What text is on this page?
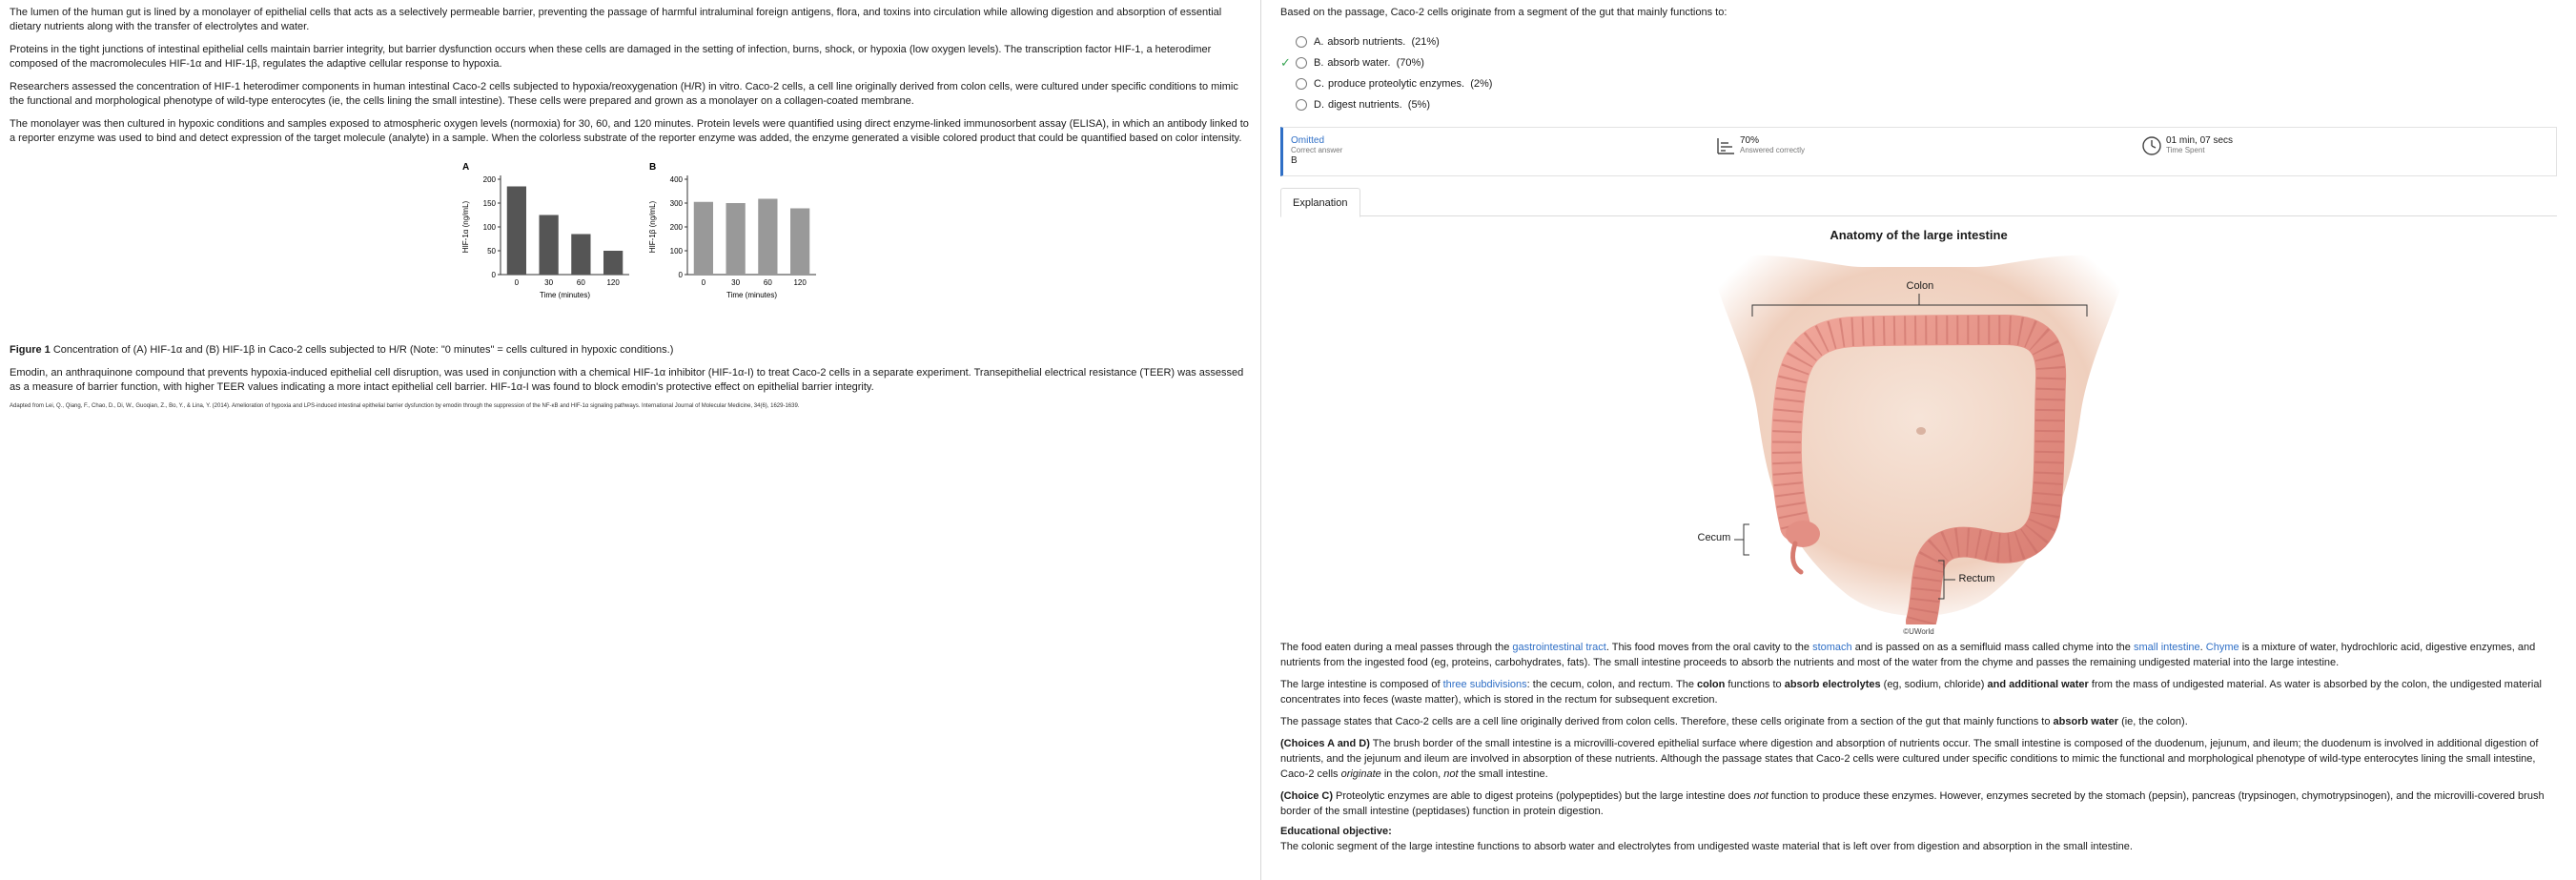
The lumen of the human gut is lined by a monolayer of epithelial cells that acts as a selectively permeable barrier, preventing the passage of harmful intraluminal foreign antigens, flora, and toxins into circulation while allowing digestion and absorption of essential dietary nutrients along with the transfer of electrolytes and water.

Proteins in the tight junctions of intestinal epithelial cells maintain barrier integrity, but barrier dysfunction occurs when these cells are damaged in the setting of infection, burns, shock, or hypoxia (low oxygen levels). The transcription factor HIF-1, a heterodimer composed of the macromolecules HIF-1α and HIF-1β, regulates the adaptive cellular response to hypoxia.

Researchers assessed the concentration of HIF-1 heterodimer components in human intestinal Caco-2 cells subjected to hypoxia/reoxygenation (H/R) in vitro. Caco-2 cells, a cell line originally derived from colon cells, were cultured under specific conditions to mimic the functional and morphological phenotype of wild-type enterocytes (ie, the cells lining the small intestine). These cells were prepared and grown as a monolayer on a collagen-coated membrane.

The monolayer was then cultured in hypoxic conditions and samples exposed to atmospheric oxygen levels (normoxia) for 30, 60, and 120 minutes. Protein levels were quantified using direct enzyme-linked immunosorbent assay (ELISA), in which an antibody linked to a reporter enzyme was used to bind and detect expression of the target molecule (analyte) in a sample. When the colorless substrate of the reporter enzyme was added, the enzyme generated a visible colored product that could be quantified based on color intensity.

A
0
50
100
150
200
0	30	60	120
Time (minutes)
HIF-1α (ng/mL)
B
0
100
200
300
400
0	30	60	120
Time (minutes)
HIF-1β (ng/mL)

Figure 1 Concentration of (A) HIF-1α and (B) HIF-1β in Caco-2 cells subjected to H/R (Note: "0 minutes" = cells cultured in hypoxic conditions.)

Emodin, an anthraquinone compound that prevents hypoxia-induced epithelial cell disruption, was used in conjunction with a chemical HIF-1α inhibitor (HIF-1α-I) to treat Caco-2 cells in a separate experiment. Transepithelial electrical resistance (TEER) was assessed as a measure of barrier function, with higher TEER values indicating a more intact epithelial cell barrier. HIF-1α-I was found to block emodin's protective effect on epithelial barrier integrity.

Adapted from Lei, Q., Qiang, F., Chao, D., Di, W., Guoqian, Z., Bo, Y., & Lina, Y. (2014). Amelioration of hypoxia and LPS-induced intestinal epithelial barrier dysfunction by emodin through the suppression of the NF-κB and HIF-1α signaling pathways. International Journal of Molecular Medicine, 34(6), 1629-1639.

Based on the passage, Caco-2 cells originate from a segment of the gut that mainly functions to:

A. absorb nutrients.
(21%)
✓ B. absorb water.
(70%)
C. produce proteolytic enzymes.
(2%)
D. digest nutrients.
(5%)
Omitted
Correct answer
B
70%
Answered correctly
01 min, 07 secs
Time Spent
Explanation
Anatomy of the large intestine
Colon
Cecum
Rectum
©UWorld

The food eaten during a meal passes through the gastrointestinal tract. This food moves from the oral cavity to the stomach and is passed on as a semifluid mass called chyme into the small intestine. Chyme is a mixture of water, hydrochloric acid, digestive enzymes, and nutrients from the ingested food (eg, proteins, carbohydrates, fats). The small intestine proceeds to absorb the nutrients and most of the water from the chyme and passes the remaining undigested material into the large intestine.

The large intestine is composed of three subdivisions: the cecum, colon, and rectum. The colon functions to absorb electrolytes (eg, sodium, chloride) and additional water from the mass of undigested material. As water is absorbed by the colon, the undigested material concentrates into feces (waste matter), which is stored in the rectum for subsequent excretion.

The passage states that Caco-2 cells are a cell line originally derived from colon cells. Therefore, these cells originate from a section of the gut that mainly functions to absorb water (ie, the colon).

(Choices A and D) The brush border of the small intestine is a microvilli-covered epithelial surface where digestion and absorption of nutrients occur. The small intestine is composed of the duodenum, jejunum, and ileum; the duodenum is involved in additional digestion of nutrients, and the jejunum and ileum are involved in absorption of these nutrients. Although the passage states that Caco-2 cells were cultured under specific conditions to mimic the functional and morphological phenotype of wild-type enterocytes lining the small intestine, Caco-2 cells originate in the colon, not the small intestine.

(Choice C) Proteolytic enzymes are able to digest proteins (polypeptides) but the large intestine does not function to produce these enzymes. However, enzymes secreted by the stomach (pepsin), pancreas (trypsinogen, chymotrypsinogen), and the microvilli-covered brush border of the small intestine (peptidases) function in protein digestion.

Educational objective:

The colonic segment of the large intestine functions to absorb water and electrolytes from undigested waste material that is left over from digestion and absorption in the small intestine.
